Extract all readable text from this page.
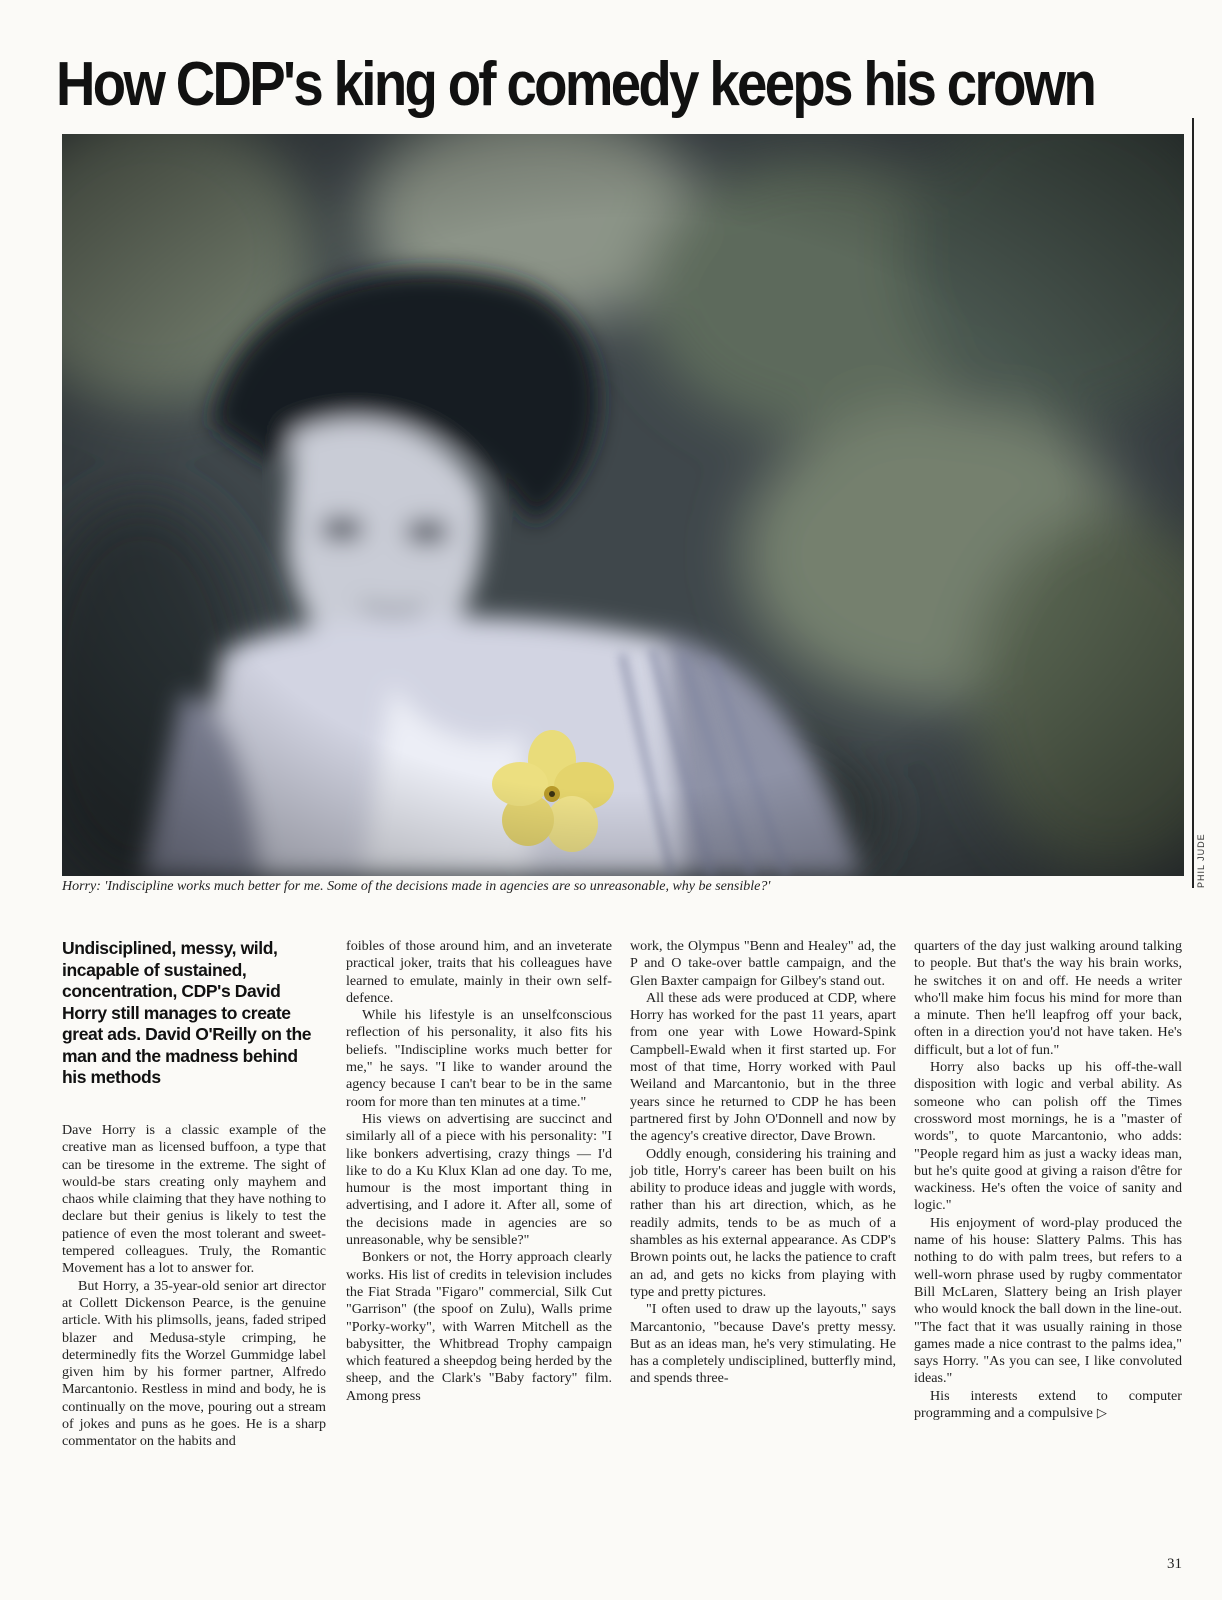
How CDP's king of comedy keeps his crown
PHIL JUDE
Horry: 'Indiscipline works much better for me. Some of the decisions made in agencies are so unreasonable, why be sensible?'
Undisciplined, messy, wild, incapable of sustained, concentration, CDP's David Horry still manages to create great ads. David O'Reilly on the man and the madness behind his methods

Dave Horry is a classic example of the creative man as licensed buffoon, a type that can be tiresome in the extreme. The sight of would-be stars creating only mayhem and chaos while claiming that they have nothing to declare but their genius is likely to test the patience of even the most tolerant and sweet-tempered colleagues. Truly, the Romantic Movement has a lot to answer for.

But Horry, a 35-year-old senior art director at Collett Dickenson Pearce, is the genuine article. With his plimsolls, jeans, faded striped blazer and Medusa-style crimping, he determinedly fits the Worzel Gummidge label given him by his former partner, Alfredo Marcantonio. Restless in mind and body, he is continually on the move, pouring out a stream of jokes and puns as he goes. He is a sharp commentator on the habits and

foibles of those around him, and an inveterate practical joker, traits that his colleagues have learned to emulate, mainly in their own self-defence.

While his lifestyle is an unselfconscious reflection of his personality, it also fits his beliefs. "Indiscipline works much better for me," he says. "I like to wander around the agency because I can't bear to be in the same room for more than ten minutes at a time."

His views on advertising are succinct and similarly all of a piece with his personality: "I like bonkers advertising, crazy things — I'd like to do a Ku Klux Klan ad one day. To me, humour is the most important thing in advertising, and I adore it. After all, some of the decisions made in agencies are so unreasonable, why be sensible?"

Bonkers or not, the Horry approach clearly works. His list of credits in television includes the Fiat Strada "Figaro" commercial, Silk Cut "Garrison" (the spoof on Zulu), Walls prime "Porky-worky", with Warren Mitchell as the babysitter, the Whitbread Trophy campaign which featured a sheepdog being herded by the sheep, and the Clark's "Baby factory" film. Among press

work, the Olympus "Benn and Healey" ad, the P and O take-over battle campaign, and the Glen Baxter campaign for Gilbey's stand out.

All these ads were produced at CDP, where Horry has worked for the past 11 years, apart from one year with Lowe Howard-Spink Campbell-Ewald when it first started up. For most of that time, Horry worked with Paul Weiland and Marcantonio, but in the three years since he returned to CDP he has been partnered first by John O'Donnell and now by the agency's creative director, Dave Brown.

Oddly enough, considering his training and job title, Horry's career has been built on his ability to produce ideas and juggle with words, rather than his art direction, which, as he readily admits, tends to be as much of a shambles as his external appearance. As CDP's Brown points out, he lacks the patience to craft an ad, and gets no kicks from playing with type and pretty pictures.

"I often used to draw up the layouts," says Marcantonio, "because Dave's pretty messy. But as an ideas man, he's very stimulating. He has a completely undisciplined, butterfly mind, and spends three-

quarters of the day just walking around talking to people. But that's the way his brain works, he switches it on and off. He needs a writer who'll make him focus his mind for more than a minute. Then he'll leapfrog off your back, often in a direction you'd not have taken. He's difficult, but a lot of fun."

Horry also backs up his off-the-wall disposition with logic and verbal ability. As someone who can polish off the Times crossword most mornings, he is a "master of words", to quote Marcantonio, who adds: "People regard him as just a wacky ideas man, but he's quite good at giving a raison d'être for wackiness. He's often the voice of sanity and logic."

His enjoyment of word-play produced the name of his house: Slattery Palms. This has nothing to do with palm trees, but refers to a well-worn phrase used by rugby commentator Bill McLaren, Slattery being an Irish player who would knock the ball down in the line-out. "The fact that it was usually raining in those games made a nice contrast to the palms idea," says Horry. "As you can see, I like convoluted ideas."

His interests extend to computer programming and a compulsive ▷

31
